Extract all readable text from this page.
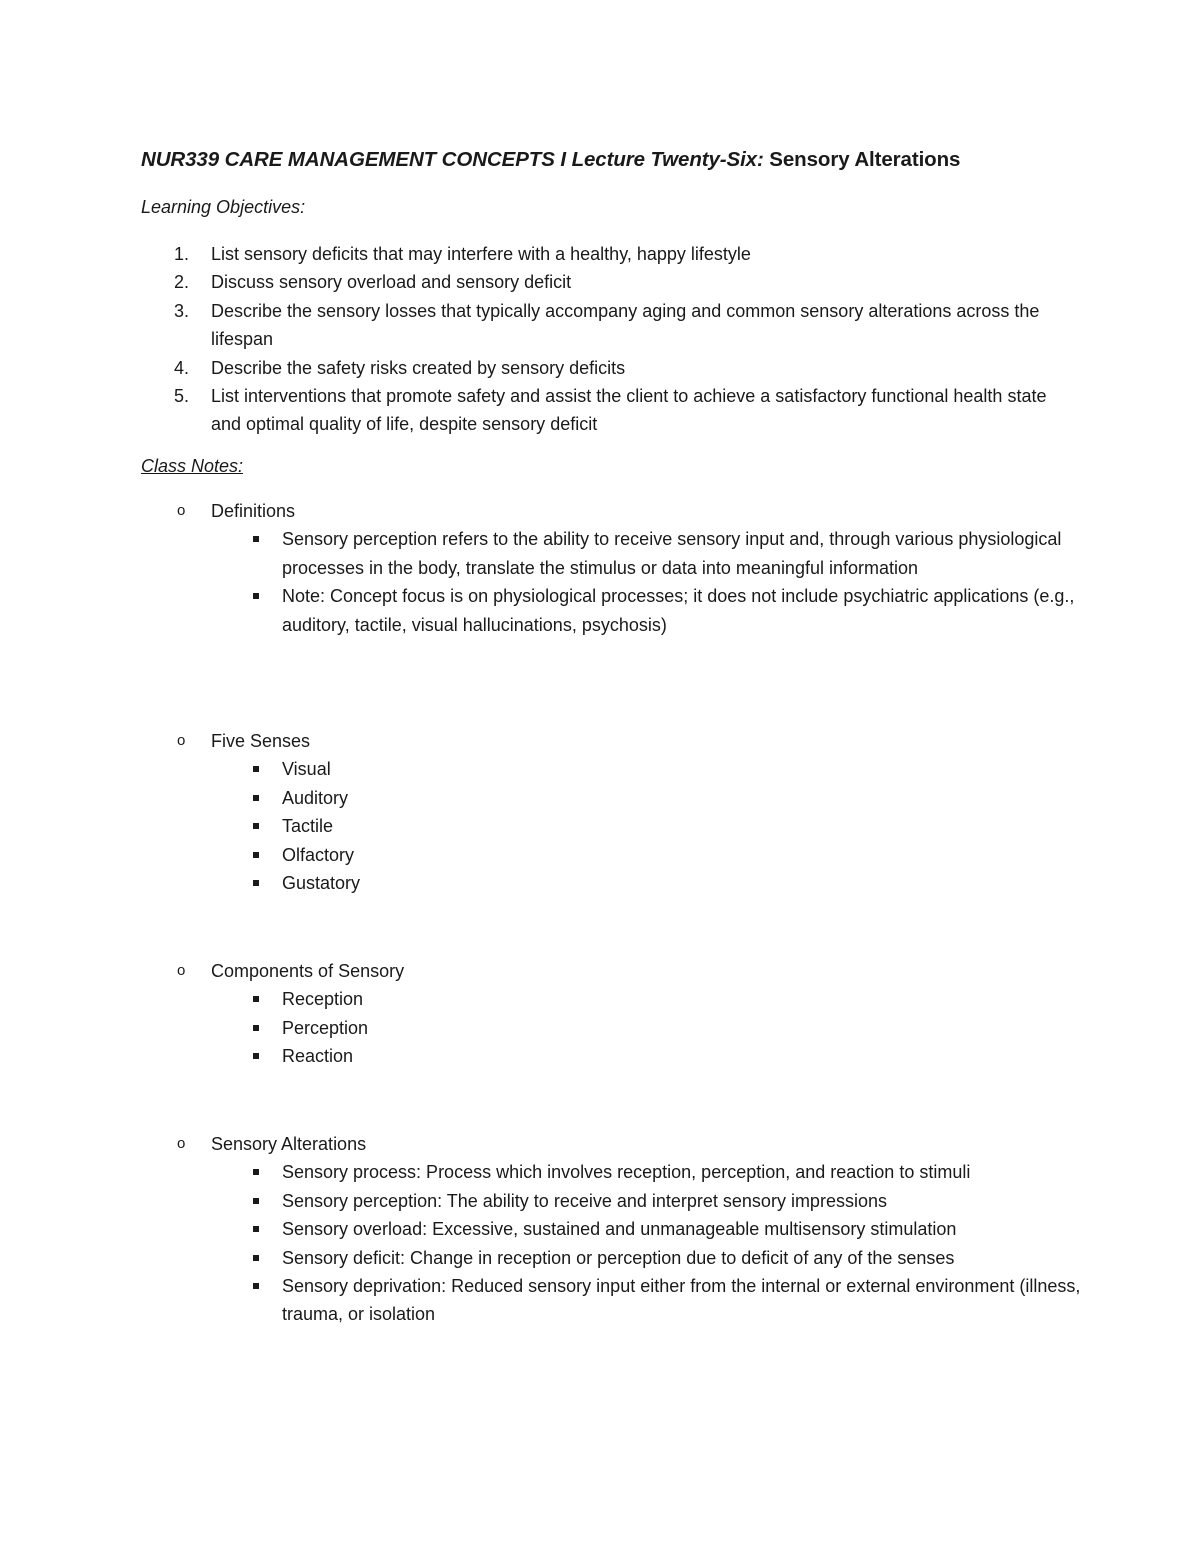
NUR339 CARE MANAGEMENT CONCEPTS I Lecture Twenty-Six: Sensory Alterations
Learning Objectives:
1. List sensory deficits that may interfere with a healthy, happy lifestyle
2. Discuss sensory overload and sensory deficit
3. Describe the sensory losses that typically accompany aging and common sensory alterations across the lifespan
4. Describe the safety risks created by sensory deficits
5. List interventions that promote safety and assist the client to achieve a satisfactory functional health state and optimal quality of life, despite sensory deficit
Class Notes:
o Definitions
Sensory perception refers to the ability to receive sensory input and, through various physiological processes in the body, translate the stimulus or data into meaningful information
Note: Concept focus is on physiological processes; it does not include psychiatric applications (e.g., auditory, tactile, visual hallucinations, psychosis)
o Five Senses
Visual
Auditory
Tactile
Olfactory
Gustatory
o Components of Sensory
Reception
Perception
Reaction
o Sensory Alterations
Sensory process: Process which involves reception, perception, and reaction to stimuli
Sensory perception: The ability to receive and interpret sensory impressions
Sensory overload: Excessive, sustained and unmanageable multisensory stimulation
Sensory deficit: Change in reception or perception due to deficit of any of the senses
Sensory deprivation: Reduced sensory input either from the internal or external environment (illness, trauma, or isolation
